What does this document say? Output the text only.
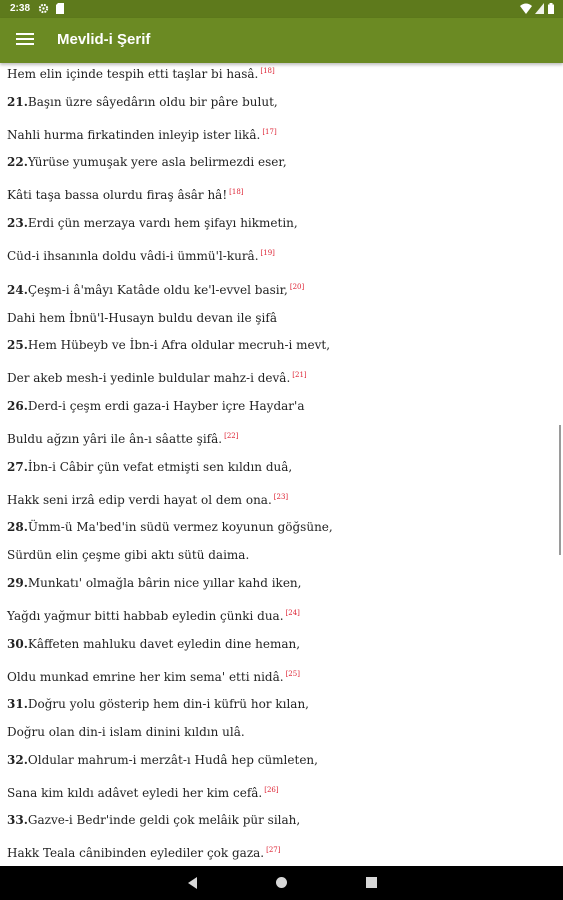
2:38
Mevlid-i Şerif
Hem elin içinde tespih etti taşlar bi hasâ. [18]
21.Başın üzre sâyedârın oldu bir pâre bulut,
Nahli hurma firkatinden inleyip ister likâ. [17]
22.Yürüse yumuşak yere asla belirmezdi eser,
Kâti taşa bassa olurdu firaş âsâr hâ! [18]
23.Erdi çün merzaya vardı hem şifayı hikmetin,
Cüd-i ihsanınla doldu vâdi-i ümmü'l-kurâ. [19]
24.Çeşm-i â'mâyı Katâde oldu ke'l-evvel basir, [20]
Dahi hem İbnü'l-Husayn buldu devan ile şifâ
25.Hem Hübeyb ve İbn-i Afra oldular mecruh-i mevt,
Der akeb mesh-i yedinle buldular mahz-i devâ. [21]
26.Derd-i çeşm erdi gaza-i Hayber içre Haydar'a
Buldu ağzın yâri ile ân-ı sâatte şifâ. [22]
27.İbn-i Câbir çün vefat etmişti sen kıldın duâ,
Hakk seni irzâ edip verdi hayat ol dem ona. [23]
28.Ümm-ü Ma'bed'in südü vermez koyunun göğsüne,
Sürdün elin çeşme gibi aktı sütü daima.
29.Munkatı' olmağla bârin nice yıllar kahd iken,
Yağdı yağmur bitti habbab eyledin çünki dua. [24]
30.Kâffeten mahluku davet eyledin dine heman,
Oldu munkad emrine her kim sema' etti nidâ. [25]
31.Doğru yolu gösterip hem din-i küfrü hor kılan,
Doğru olan din-i islam dinini kıldın ulâ.
32.Oldular mahrum-i merzât-ı Hudâ hep cümleten,
Sana kim kıldı adâvet eyledi her kim cefâ. [26]
33.Gazve-i Bedr'inde geldi çok melâik pür silah,
Hakk Teala cânibinden eylediler çok gaza. [27]
